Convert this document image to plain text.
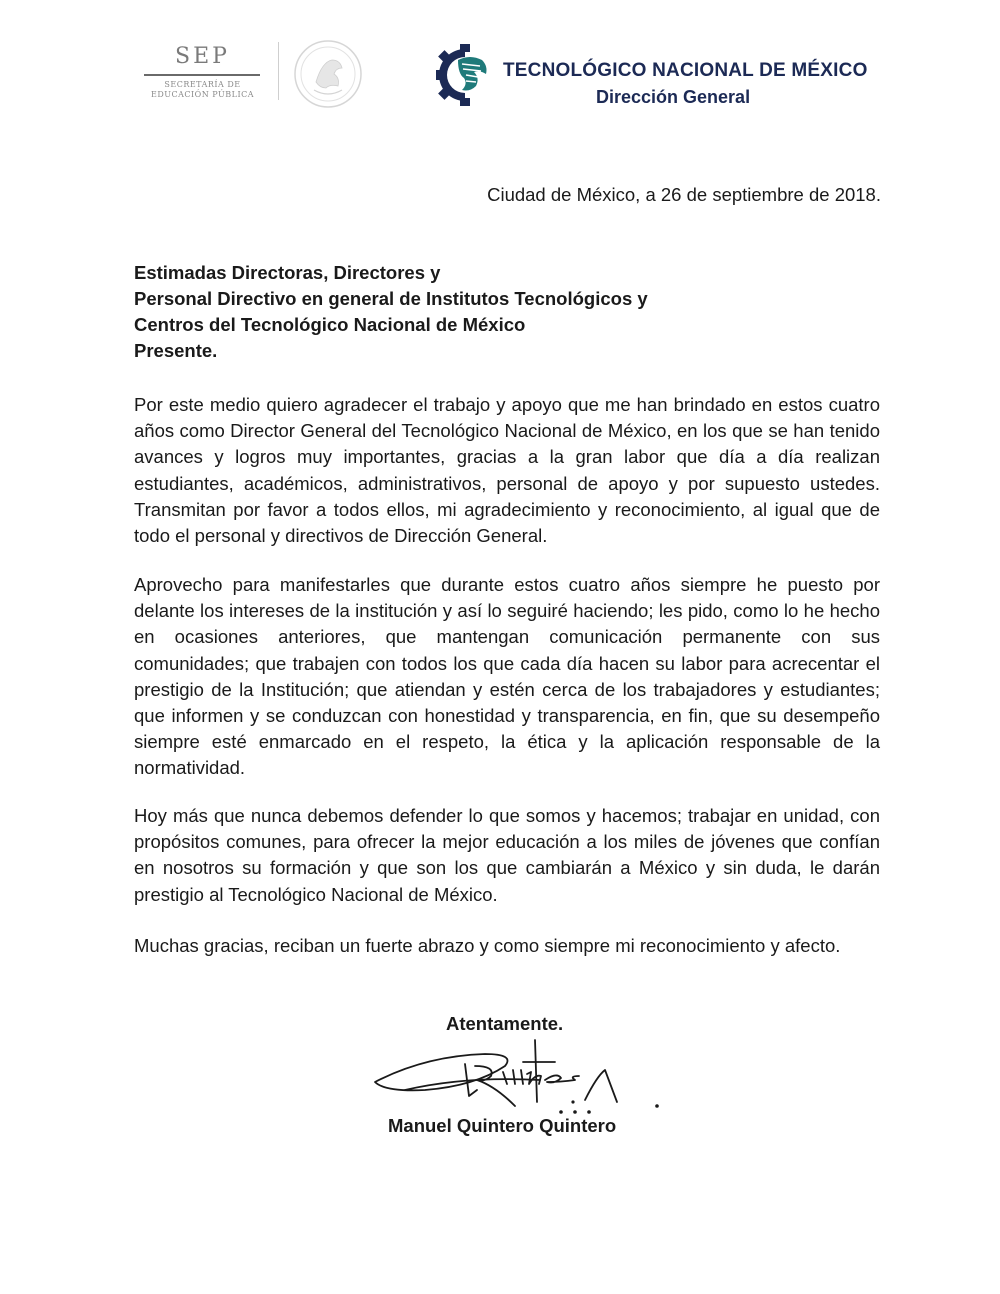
SEP
SECRETARÍA DE EDUCACIÓN PÚBLICA
TECNOLÓGICO NACIONAL DE MÉXICO
Dirección General
Ciudad de México, a 26 de septiembre de 2018.
Estimadas Directoras, Directores y
Personal Directivo en general de Institutos Tecnológicos y
Centros del Tecnológico Nacional de México
Presente.

Por este medio quiero agradecer el trabajo y apoyo que me han brindado en estos cuatro años como Director General del Tecnológico Nacional de México, en los que se han tenido avances y logros muy importantes, gracias a la gran labor que día a día realizan estudiantes, académicos, administrativos, personal de apoyo y por supuesto ustedes. Transmitan por favor a todos ellos, mi agradecimiento y reconocimiento, al igual que de todo el personal y directivos de Dirección General.

Aprovecho para manifestarles que durante estos cuatro años siempre he puesto por delante los intereses de la institución y así lo seguiré haciendo; les pido, como lo he hecho en ocasiones anteriores, que mantengan comunicación permanente con sus comunidades; que trabajen con todos los que cada día hacen su labor para acrecentar el prestigio de la Institución; que atiendan y estén cerca de los trabajadores y estudiantes; que informen y se conduzcan con honestidad y transparencia, en fin, que su desempeño siempre esté enmarcado en el respeto, la ética y la aplicación responsable de la normatividad.

Hoy más que nunca debemos defender lo que somos y hacemos; trabajar en unidad, con propósitos comunes, para ofrecer la mejor educación a los miles de jóvenes que confían en nosotros su formación y que son los que cambiarán a México y sin duda, le darán prestigio al Tecnológico Nacional de México.

Muchas gracias, reciban un fuerte abrazo y como siempre mi reconocimiento y afecto.

Atentamente.
Manuel Quintero Quintero
